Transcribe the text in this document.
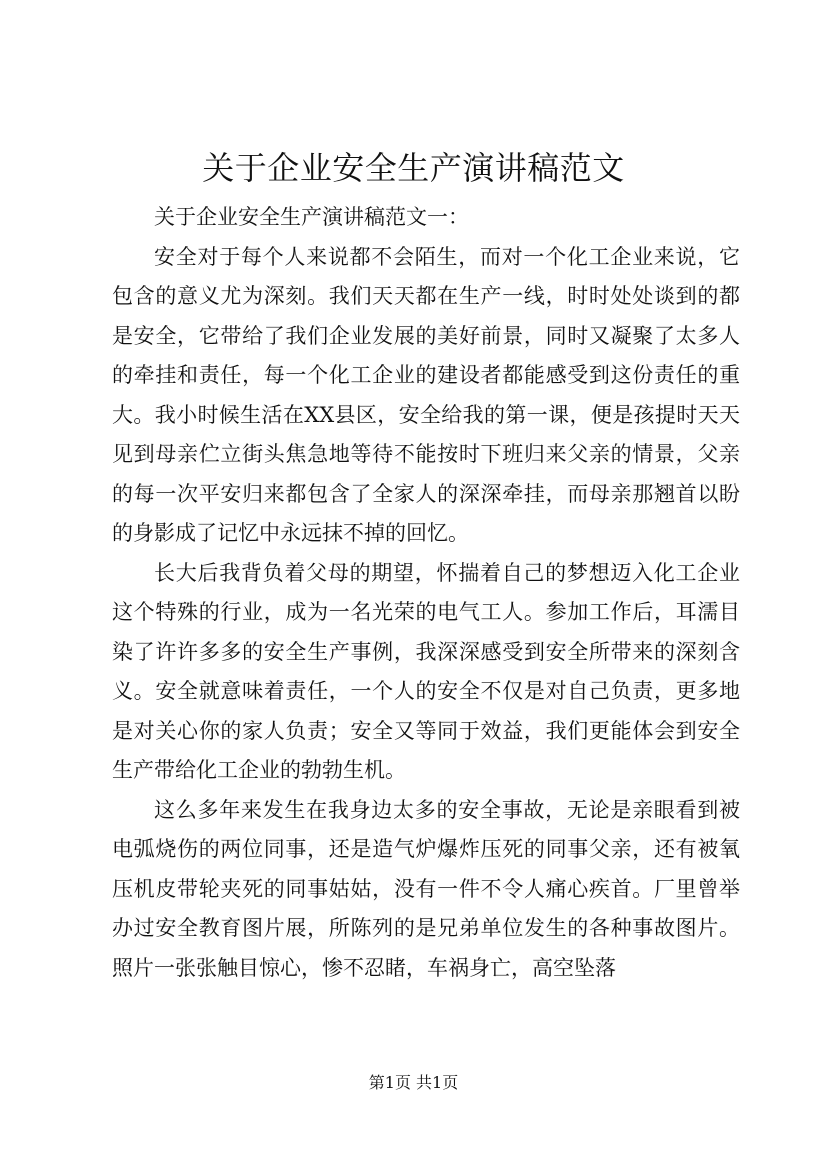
关于企业安全生产演讲稿范文

关于企业安全生产演讲稿范文一：

安全对于每个人来说都不会陌生，而对一个化工企业来说，它包含的意义尤为深刻。我们天天都在生产一线，时时处处谈到的都是安全，它带给了我们企业发展的美好前景，同时又凝聚了太多人的牵挂和责任，每一个化工企业的建设者都能感受到这份责任的重大。我小时候生活在XX县区，安全给我的第一课，便是孩提时天天见到母亲伫立街头焦急地等待不能按时下班归来父亲的情景，父亲的每一次平安归来都包含了全家人的深深牵挂，而母亲那翘首以盼的身影成了记忆中永远抹不掉的回忆。

长大后我背负着父母的期望，怀揣着自己的梦想迈入化工企业这个特殊的行业，成为一名光荣的电气工人。参加工作后，耳濡目染了许许多多的安全生产事例，我深深感受到安全所带来的深刻含义。安全就意味着责任，一个人的安全不仅是对自己负责，更多地是对关心你的家人负责；安全又等同于效益，我们更能体会到安全生产带给化工企业的勃勃生机。

这么多年来发生在我身边太多的安全事故，无论是亲眼看到被电弧烧伤的两位同事，还是造气炉爆炸压死的同事父亲，还有被氧压机皮带轮夹死的同事姑姑，没有一件不令人痛心疾首。厂里曾举办过安全教育图片展，所陈列的是兄弟单位发生的各种事故图片。照片一张张触目惊心，惨不忍睹，车祸身亡，高空坠落

第1页 共1页
